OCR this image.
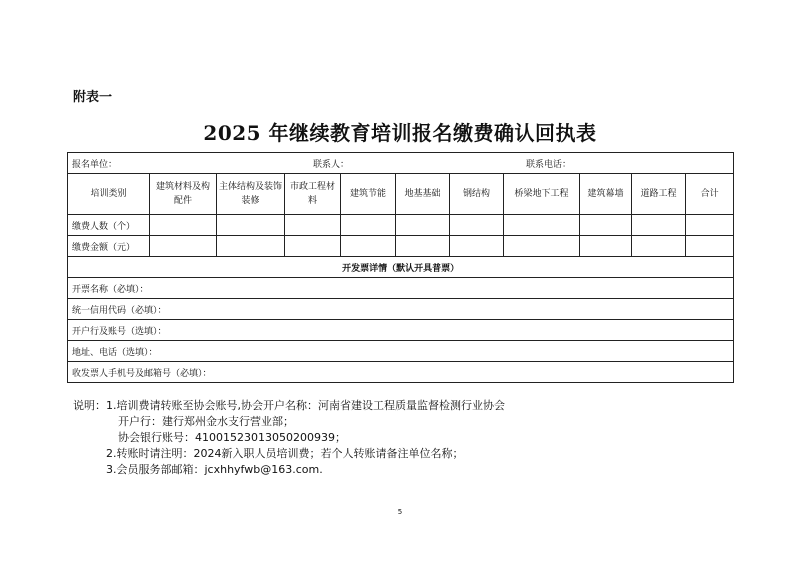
附表一
2025 年继续教育培训报名缴费确认回执表
报名单位： 联系人： 联系电话：										

培训类别	建筑材料及构配件	主体结构及装饰装修	市政工程材料	建筑节能	地基基础	钢结构	桥梁地下工程	建筑幕墙	道路工程	合计
缴费人数（个）										
缴费金额（元）										
开发票详情（默认开具普票）										
开票名称（必填）：										
统一信用代码（必填）：										
开户行及账号（选填）：										
地址、电话（选填）：										
收发票人手机号及邮箱号（必填）：										
说明：1.培训费请转账至协会账号,协会开户名称：河南省建设工程质量监督检测行业协会
开户行：建行郑州金水支行营业部；
协会银行账号：41001523013050200939；
2.转账时请注明：2024新入职人员培训费；若个人转账请备注单位名称；
3.会员服务部邮箱：jcxhhyfwb@163.com.
5
